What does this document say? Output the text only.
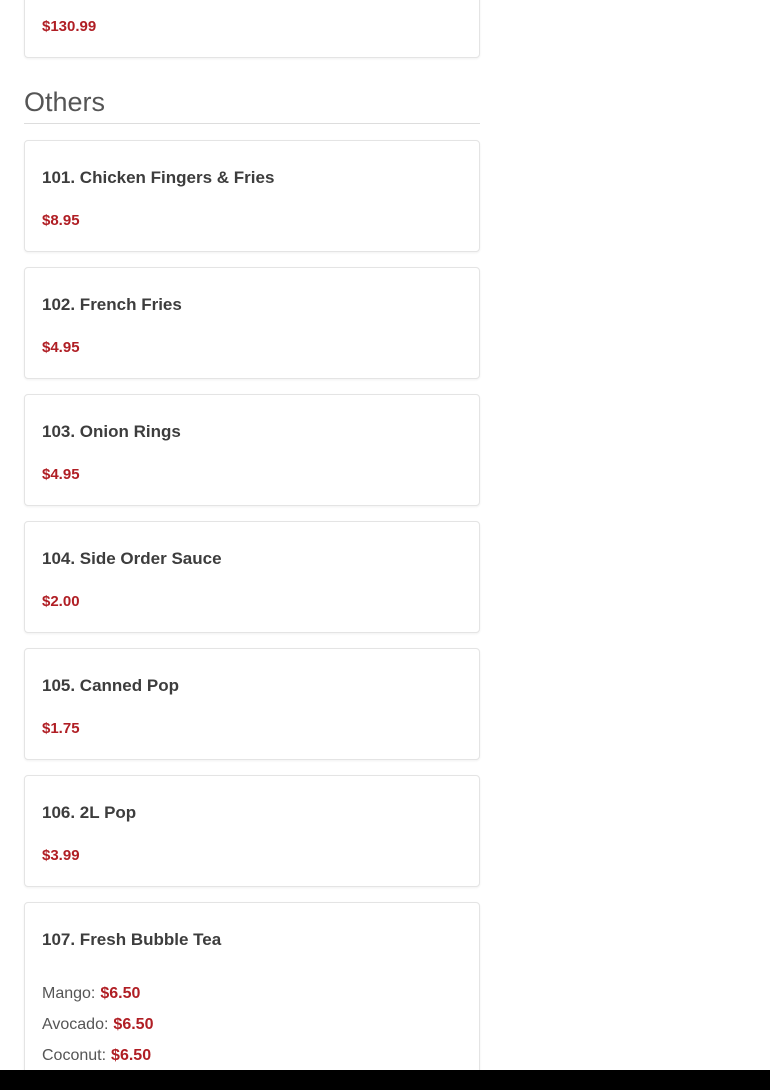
$130.99
Others
101. Chicken Fingers & Fries
$8.95
102. French Fries
$4.95
103. Onion Rings
$4.95
104. Side Order Sauce
$2.00
105. Canned Pop
$1.75
106. 2L Pop
$3.99
107. Fresh Bubble Tea
Mango: $6.50
Avocado: $6.50
Coconut: $6.50
